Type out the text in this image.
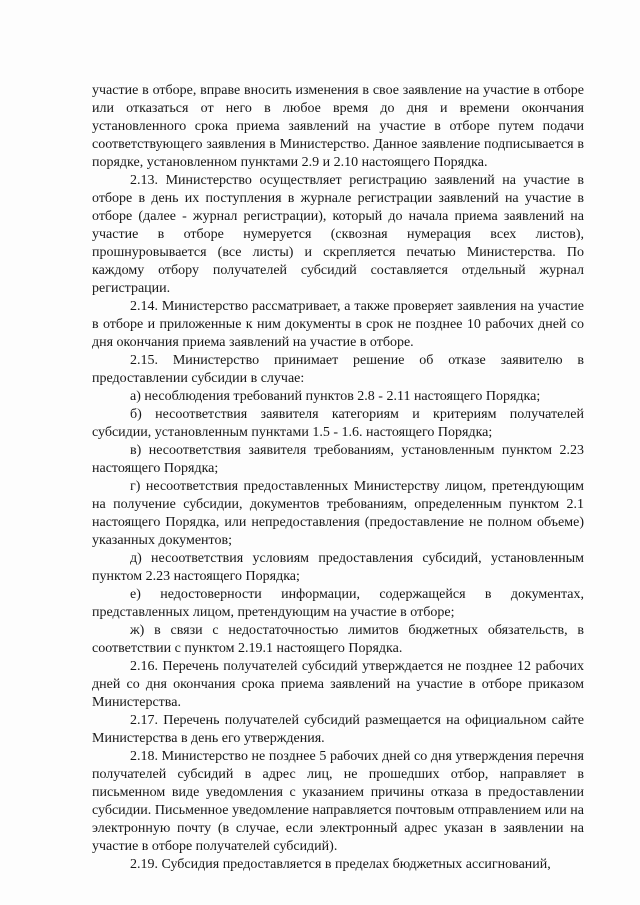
участие в отборе, вправе вносить изменения в свое заявление на участие в отборе или отказаться от него в любое время до дня и времени окончания установленного срока приема заявлений на участие в отборе путем подачи соответствующего заявления в Министерство. Данное заявление подписывается в порядке, установленном пунктами 2.9 и 2.10 настоящего Порядка.

2.13. Министерство осуществляет регистрацию заявлений на участие в отборе в день их поступления в журнале регистрации заявлений на участие в отборе (далее - журнал регистрации), который до начала приема заявлений на участие в отборе нумеруется (сквозная нумерация всех листов), прошнуровывается (все листы) и скрепляется печатью Министерства. По каждому отбору получателей субсидий составляется отдельный журнал регистрации.

2.14. Министерство рассматривает, а также проверяет заявления на участие в отборе и приложенные к ним документы в срок не позднее 10 рабочих дней со дня окончания приема заявлений на участие в отборе.

2.15. Министерство принимает решение об отказе заявителю в предоставлении субсидии в случае:

а) несоблюдения требований пунктов 2.8 - 2.11 настоящего Порядка;

б) несоответствия заявителя категориям и критериям получателей субсидии, установленным пунктами 1.5 - 1.6. настоящего Порядка;

в) несоответствия заявителя требованиям, установленным пунктом 2.23 настоящего Порядка;

г) несоответствия предоставленных Министерству лицом, претендующим на получение субсидии, документов требованиям, определенным пунктом 2.1 настоящего Порядка, или непредоставления (предоставление не полном объеме) указанных документов;

д) несоответствия условиям предоставления субсидий, установленным пунктом 2.23 настоящего Порядка;

е) недостоверности информации, содержащейся в документах, представленных лицом, претендующим на участие в отборе;

ж) в связи с недостаточностью лимитов бюджетных обязательств, в соответствии с пунктом 2.19.1 настоящего Порядка.

2.16. Перечень получателей субсидий утверждается не позднее 12 рабочих дней со дня окончания срока приема заявлений на участие в отборе приказом Министерства.

2.17. Перечень получателей субсидий размещается на официальном сайте Министерства в день его утверждения.

2.18. Министерство не позднее 5 рабочих дней со дня утверждения перечня получателей субсидий в адрес лиц, не прошедших отбор, направляет в письменном виде уведомления с указанием причины отказа в предоставлении субсидии. Письменное уведомление направляется почтовым отправлением или на электронную почту (в случае, если электронный адрес указан в заявлении на участие в отборе получателей субсидий).

2.19. Субсидия предоставляется в пределах бюджетных ассигнований,
